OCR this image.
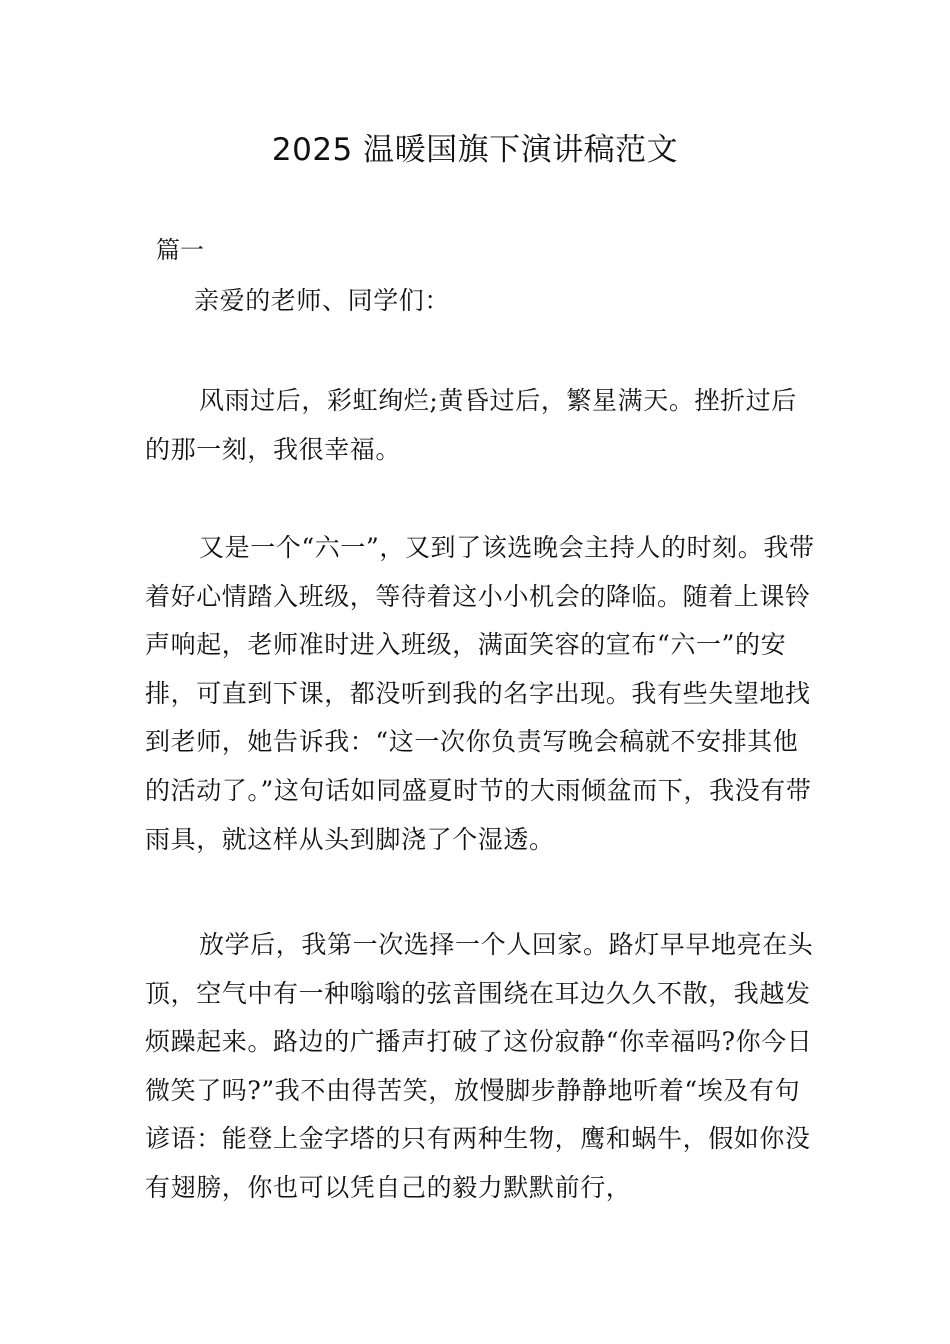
2025 温暖国旗下演讲稿范文
篇一
亲爱的老师、同学们：

风雨过后，彩虹绚烂;黄昏过后，繁星满天。挫折过后的那一刻，我很幸福。

又是一个“六一”，又到了该选晚会主持人的时刻。我带着好心情踏入班级，等待着这小小机会的降临。随着上课铃声响起，老师准时进入班级，满面笑容的宣布“六一”的安排，可直到下课，都没听到我的名字出现。我有些失望地找到老师，她告诉我：“这一次你负责写晚会稿就不安排其他的活动了。”这句话如同盛夏时节的大雨倾盆而下，我没有带雨具，就这样从头到脚浇了个湿透。

放学后，我第一次选择一个人回家。路灯早早地亮在头顶，空气中有一种嗡嗡的弦音围绕在耳边久久不散，我越发烦躁起来。路边的广播声打破了这份寂静“你幸福吗?你今日微笑了吗?”我不由得苦笑，放慢脚步静静地听着“埃及有句谚语：能登上金字塔的只有两种生物，鹰和蜗牛，假如你没有翅膀，你也可以凭自己的毅力默默前行，
